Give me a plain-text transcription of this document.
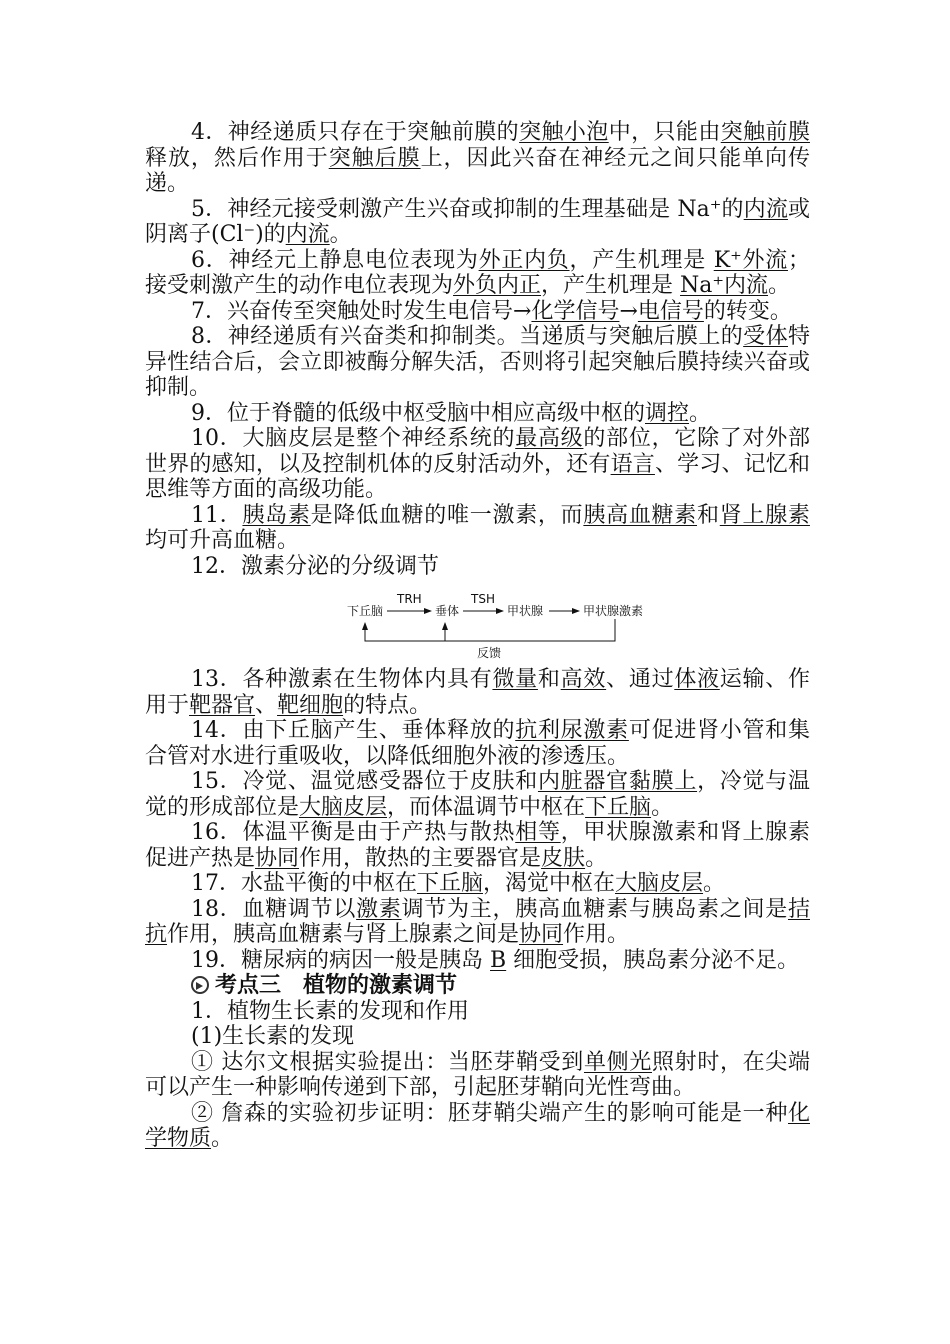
4．神经递质只存在于突触前膜的突触小泡中，只能由突触前膜释放，然后作用于突触后膜上，因此兴奋在神经元之间只能单向传递。

5．神经元接受刺激产生兴奋或抑制的生理基础是 Na⁺的内流或阴离子(Cl⁻)的内流。

6．神经元上静息电位表现为外正内负，产生机理是 K⁺外流；接受刺激产生的动作电位表现为外负内正，产生机理是 Na⁺内流。

7．兴奋传至突触处时发生电信号→化学信号→电信号的转变。

8．神经递质有兴奋类和抑制类。当递质与突触后膜上的受体特异性结合后，会立即被酶分解失活，否则将引起突触后膜持续兴奋或抑制。

9．位于脊髓的低级中枢受脑中相应高级中枢的调控。

10．大脑皮层是整个神经系统的最高级的部位，它除了对外部世界的感知，以及控制机体的反射活动外，还有语言、学习、记忆和思维等方面的高级功能。

11．胰岛素是降低血糖的唯一激素，而胰高血糖素和肾上腺素均可升高血糖。

12．激素分泌的分级调节

下丘脑
TRH
垂体
TSH
甲状腺	甲状腺激素
反馈

13．各种激素在生物体内具有微量和高效、通过体液运输、作用于靶器官、靶细胞的特点。

14．由下丘脑产生、垂体释放的抗利尿激素可促进肾小管和集合管对水进行重吸收，以降低细胞外液的渗透压。

15．冷觉、温觉感受器位于皮肤和内脏器官黏膜上，冷觉与温觉的形成部位是大脑皮层，而体温调节中枢在下丘脑。

16．体温平衡是由于产热与散热相等，甲状腺激素和肾上腺素促进产热是协同作用，散热的主要器官是皮肤。

17．水盐平衡的中枢在下丘脑，渴觉中枢在大脑皮层。

18．血糖调节以激素调节为主，胰高血糖素与胰岛素之间是拮抗作用，胰高血糖素与肾上腺素之间是协同作用。

19．糖尿病的病因一般是胰岛 B 细胞受损，胰岛素分泌不足。

考点三　植物的激素调节

1．植物生长素的发现和作用

(1)生长素的发现

① 达尔文根据实验提出：当胚芽鞘受到单侧光照射时，在尖端可以产生一种影响传递到下部，引起胚芽鞘向光性弯曲。

② 詹森的实验初步证明：胚芽鞘尖端产生的影响可能是一种化学物质。
